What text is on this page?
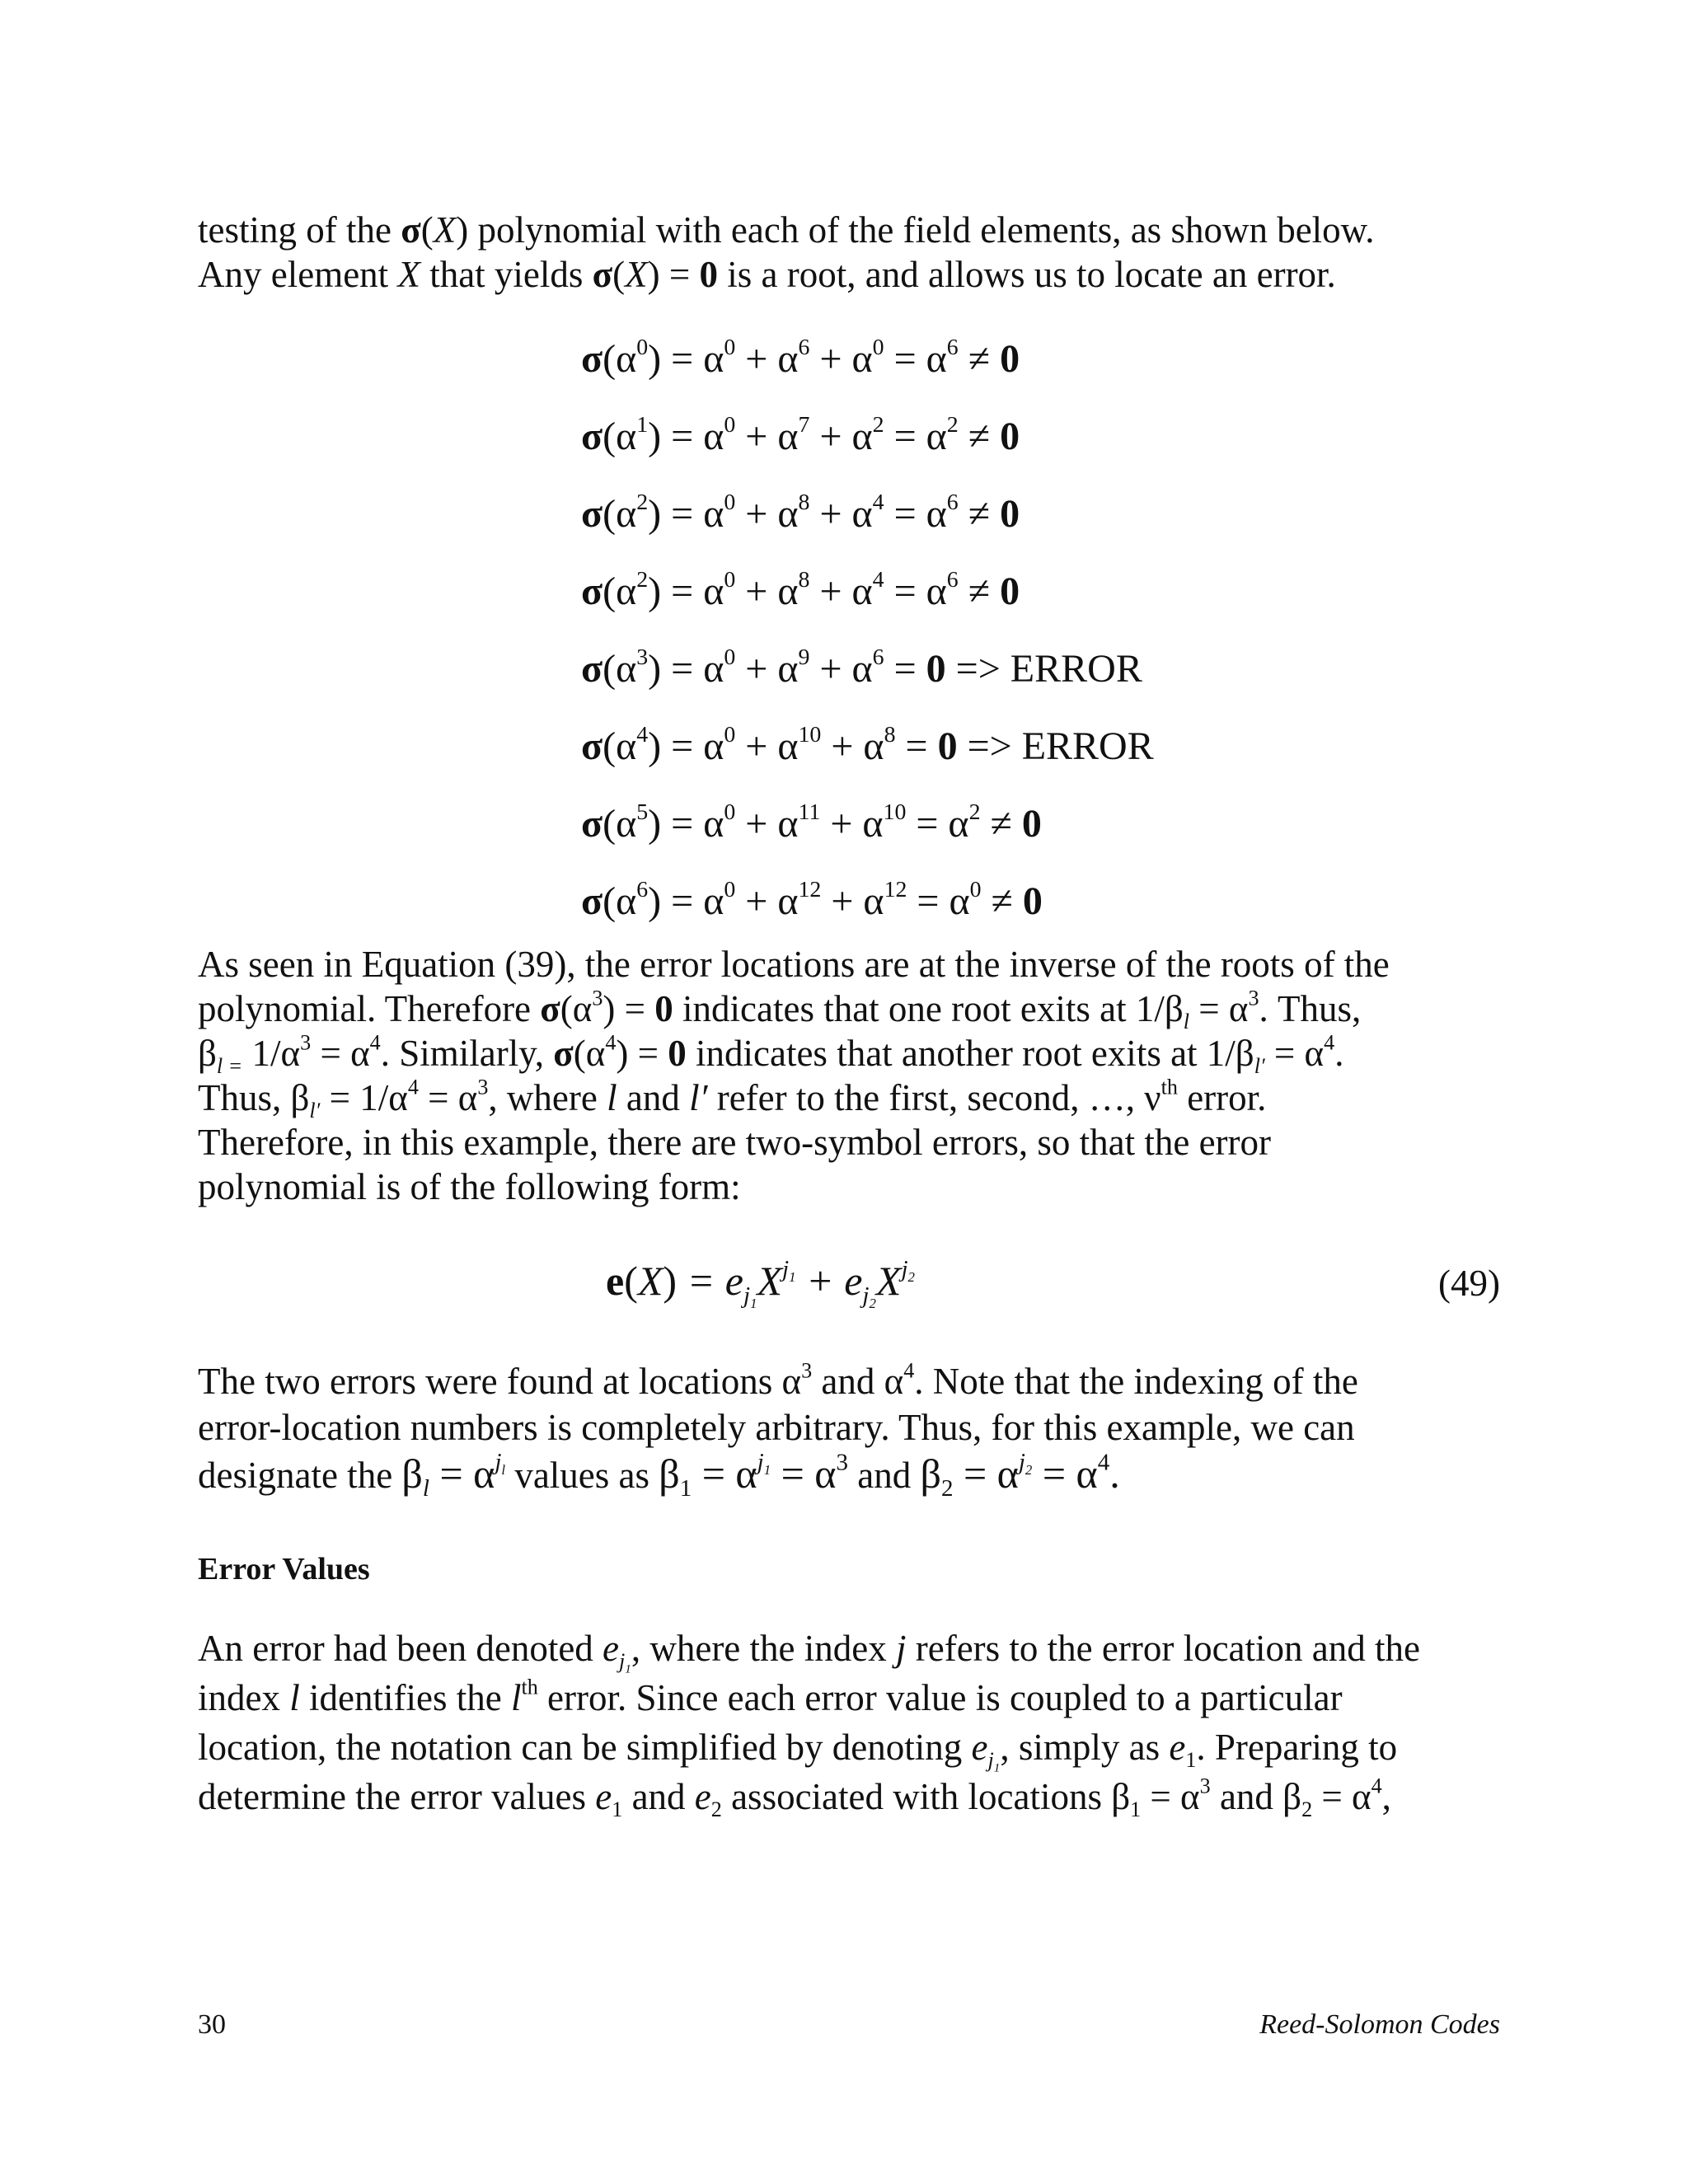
testing of the σ(X) polynomial with each of the field elements, as shown below.
Any element X that yields σ(X) = 0 is a root, and allows us to locate an error.

$\sigma(\alpha^0) = \alpha^0 + \alpha^6 + \alpha^0 = \alpha^6 \ne 0$
$\sigma(\alpha^1) = \alpha^0 + \alpha^7 + \alpha^2 = \alpha^2 \ne 0$
$\sigma(\alpha^2) = \alpha^0 + \alpha^8 + \alpha^4 = \alpha^6 \ne 0$
$\sigma(\alpha^2) = \alpha^0 + \alpha^8 + \alpha^4 = \alpha^6 \ne 0$
$\sigma(\alpha^3) = \alpha^0 + \alpha^9 + \alpha^6 = 0$ => ERROR
$\sigma(\alpha^4) = \alpha^0 + \alpha^{10} + \alpha^8 = 0$ => ERROR
$\sigma(\alpha^5) = \alpha^0 + \alpha^{11} + \alpha^{10} = \alpha^2 \ne 0$
$\sigma(\alpha^6) = \alpha^0 + \alpha^{12} + \alpha^{12} = \alpha^0 \ne 0$

As seen in Equation (39), the error locations are at the inverse of the roots of the
polynomial. Therefore $\sigma(\alpha^3) = 0$ indicates that one root exits at $1/\beta_l = \alpha^3$. Thus,
$\beta_{l =}$ $1/\alpha^3 = \alpha^4$. Similarly, $\sigma(\alpha^4) = 0$ indicates that another root exits at $1/\beta_{l'} = \alpha^4$.
Thus, $\beta_{l'} = 1/\alpha^4 = \alpha^3$, where l and l′ refer to the first, second, …, $\nu^{th}$ error.
Therefore, in this example, there are two-symbol errors, so that the error
polynomial is of the following form:

$e(X) = e_{j_1}X^{j_1} + e_{j_2}X^{j_2}$	(49)

The two errors were found at locations $\alpha^3$ and $\alpha^4$. Note that the indexing of the
error-location numbers is completely arbitrary. Thus, for this example, we can
designate the $\beta_l = \alpha^{j_l}$ values as $\beta_1 = \alpha^{j_1} = \alpha^3$ and $\beta_2 = \alpha^{j_2} = \alpha^4$.

Error Values

An error had been denoted $e_{j_1}$, where the index j refers to the error location and the
index l identifies the $l^{th}$ error. Since each error value is coupled to a particular
location, the notation can be simplified by denoting $e_{j_1}$, simply as $e_1$. Preparing to
determine the error values $e_1$ and $e_2$ associated with locations $\beta_1 = \alpha^3$ and $\beta_2 = \alpha^4$,

30	Reed-Solomon Codes
